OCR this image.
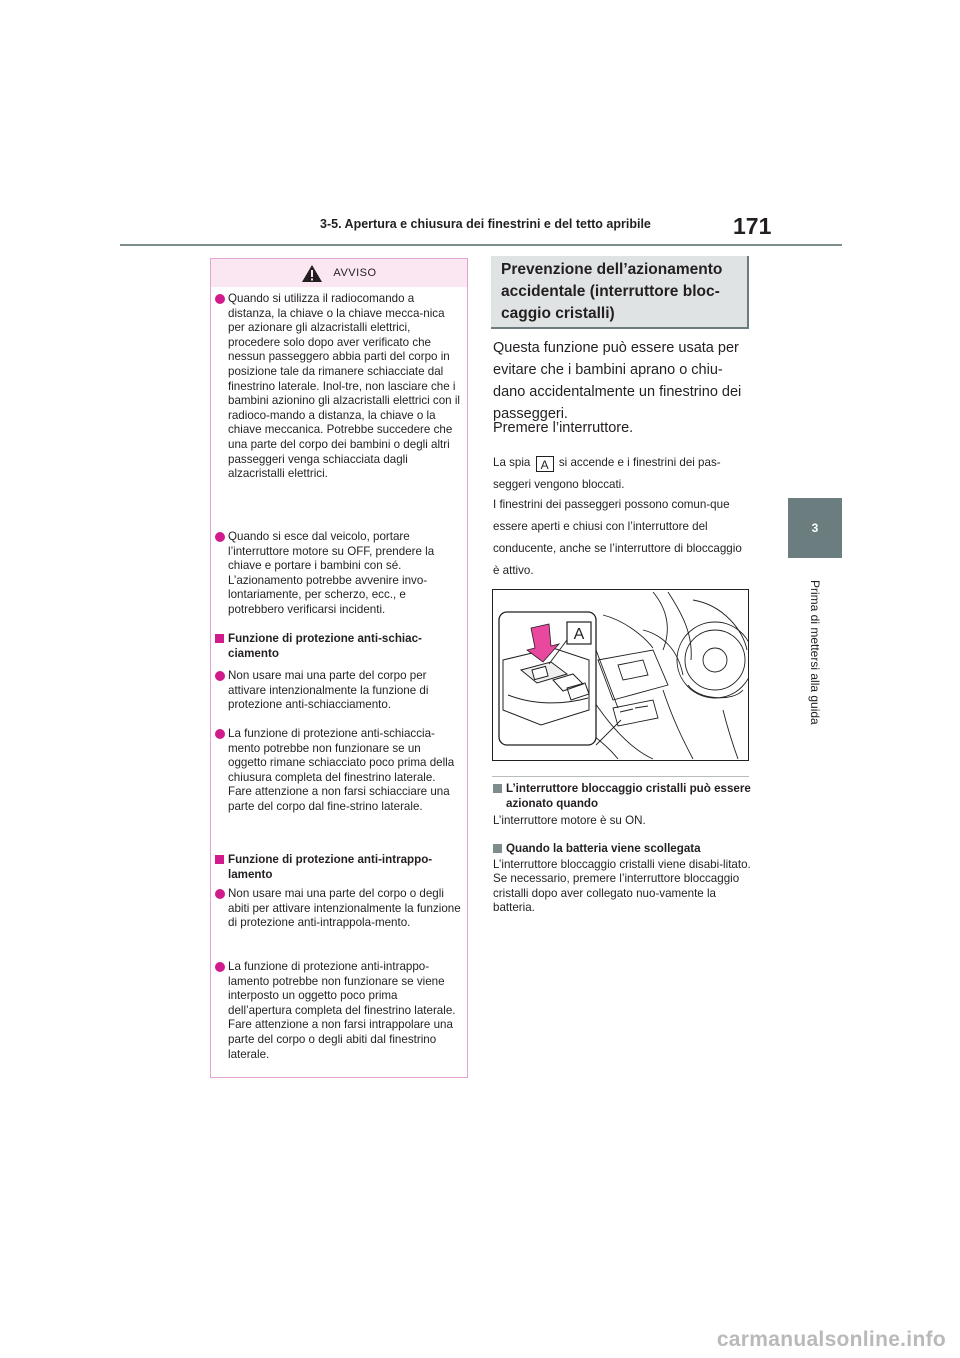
3-5. Apertura e chiusura dei finestrini e del tetto apribile	171
3
Prima di mettersi alla guida
AVVISO
Quando si utilizza il radiocomando a distanza, la chiave o la chiave mecca-nica per azionare gli alzacristalli elettrici, procedere solo dopo aver verificato che nessun passeggero abbia parti del corpo in posizione tale da rimanere schiacciate dal finestrino laterale. Inol-tre, non lasciare che i bambini azionino gli alzacristalli elettrici con il radioco-mando a distanza, la chiave o la chiave meccanica. Potrebbe succedere che una parte del corpo dei bambini o degli altri passeggeri venga schiacciata dagli alzacristalli elettrici.
Quando si esce dal veicolo, portare l’interruttore motore su OFF, prendere la chiave e portare i bambini con sé. L’azionamento potrebbe avvenire invo-lontariamente, per scherzo, ecc., e potrebbero verificarsi incidenti.
Funzione di protezione anti-schiac-ciamento
Non usare mai una parte del corpo per attivare intenzionalmente la funzione di protezione anti-schiacciamento.
La funzione di protezione anti-schiaccia-mento potrebbe non funzionare se un oggetto rimane schiacciato poco prima della chiusura completa del finestrino laterale. Fare attenzione a non farsi schiacciare una parte del corpo dal fine-strino laterale.
Funzione di protezione anti-intrappo-lamento
Non usare mai una parte del corpo o degli abiti per attivare intenzionalmente la funzione di protezione anti-intrappola-mento.
La funzione di protezione anti-intrappo-lamento potrebbe non funzionare se viene interposto un oggetto poco prima dell’apertura completa del finestrino laterale. Fare attenzione a non farsi intrappolare una parte del corpo o degli abiti dal finestrino laterale.
Prevenzione dell’azionamento
accidentale (interruttore bloc-
caggio cristalli)
Questa funzione può essere usata per evitare che i bambini aprano o chiu-dano accidentalmente un finestrino dei passeggeri.
Premere l’interruttore.
La spia A si accende e i finestrini dei pas-seggeri vengono bloccati.
I finestrini dei passeggeri possono comun-que essere aperti e chiusi con l’interruttore del conducente, anche se l’interruttore di bloccaggio è attivo.
A
L’interruttore bloccaggio cristalli può essere azionato quando
L’interruttore motore è su ON.
Quando la batteria viene scollegata
L’interruttore bloccaggio cristalli viene disabi-litato. Se necessario, premere l’interruttore bloccaggio cristalli dopo aver collegato nuo-vamente la batteria.
carmanualsonline.info
